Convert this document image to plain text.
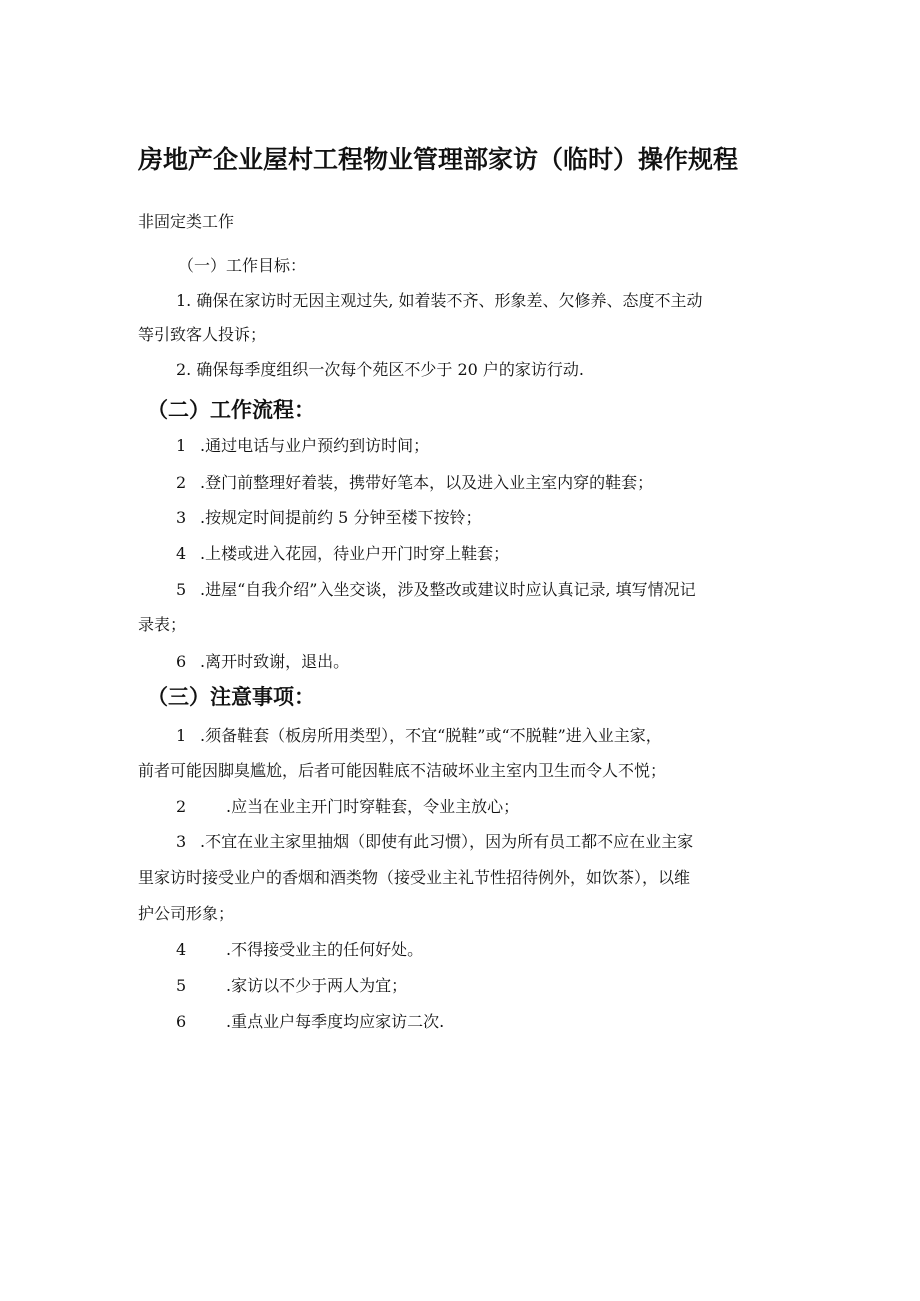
房地产企业屋村工程物业管理部家访（临时）操作规程
非固定类工作
（一）工作目标：
1. 确保在家访时无因主观过失, 如着装不齐、形象差、欠修养、态度不主动
等引致客人投诉；
2. 确保每季度组织一次每个苑区不少于 20 户的家访行动.
（二）工作流程：
1 .通过电话与业户预约到访时间；
2 .登门前整理好着装，携带好笔本，以及进入业主室内穿的鞋套；
3 .按规定时间提前约 5 分钟至楼下按铃；
4 .上楼或进入花园，待业户开门时穿上鞋套；
5 .进屋“自我介绍”入坐交谈，涉及整改或建议时应认真记录, 填写情况记
录表；
6 .离开时致谢，退出。
（三）注意事项：
1 .须备鞋套（板房所用类型），不宜“脱鞋”或“不脱鞋”进入业主家，
前者可能因脚臭尴尬，后者可能因鞋底不洁破坏业主室内卫生而令人不悦；
2 .应当在业主开门时穿鞋套，令业主放心；
3 .不宜在业主家里抽烟（即使有此习惯），因为所有员工都不应在业主家
里家访时接受业户的香烟和酒类物（接受业主礼节性招待例外，如饮茶），以维
护公司形象；
4 .不得接受业主的任何好处。
5 .家访以不少于两人为宜；
6 .重点业户每季度均应家访二次.
